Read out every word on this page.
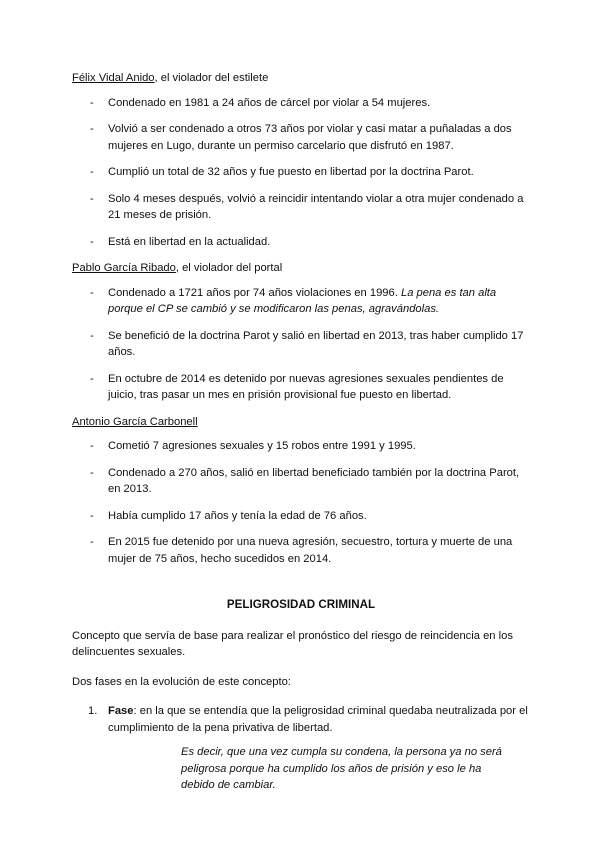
Félix Vidal Anido, el violador del estilete
- Condenado en 1981 a 24 años de cárcel por violar a 54 mujeres.
- Volvió a ser condenado a otros 73 años por violar y casi matar a puñaladas a dos mujeres en Lugo, durante un permiso carcelario que disfrutó en 1987.
- Cumplió un total de 32 años y fue puesto en libertad por la doctrina Parot.
- Solo 4 meses después, volvió a reincidir intentando violar a otra mujer condenado a 21 meses de prisión.
- Está en libertad en la actualidad.
Pablo García Ribado, el violador del portal
- Condenado a 1721 años por 74 años violaciones en 1996. La pena es tan alta porque el CP se cambió y se modificaron las penas, agravándolas.
- Se benefició de la doctrina Parot y salió en libertad en 2013, tras haber cumplido 17 años.
- En octubre de 2014 es detenido por nuevas agresiones sexuales pendientes de juicio, tras pasar un mes en prisión provisional fue puesto en libertad.
Antonio García Carbonell
- Cometió 7 agresiones sexuales y 15 robos entre 1991 y 1995.
- Condenado a 270 años, salió en libertad beneficiado también por la doctrina Parot, en 2013.
- Había cumplido 17 años y tenía la edad de 76 años.
- En 2015 fue detenido por una nueva agresión, secuestro, tortura y muerte de una mujer de 75 años, hecho sucedidos en 2014.
PELIGROSIDAD CRIMINAL

Concepto que servía de base para realizar el pronóstico del riesgo de reincidencia en los delincuentes sexuales.

Dos fases en la evolución de este concepto:

1. Fase: en la que se entendía que la peligrosidad criminal quedaba neutralizada por el cumplimiento de la pena privativa de libertad.
Es decir, que una vez cumpla su condena, la persona ya no será peligrosa porque ha cumplido los años de prisión y eso le ha debido de cambiar.
